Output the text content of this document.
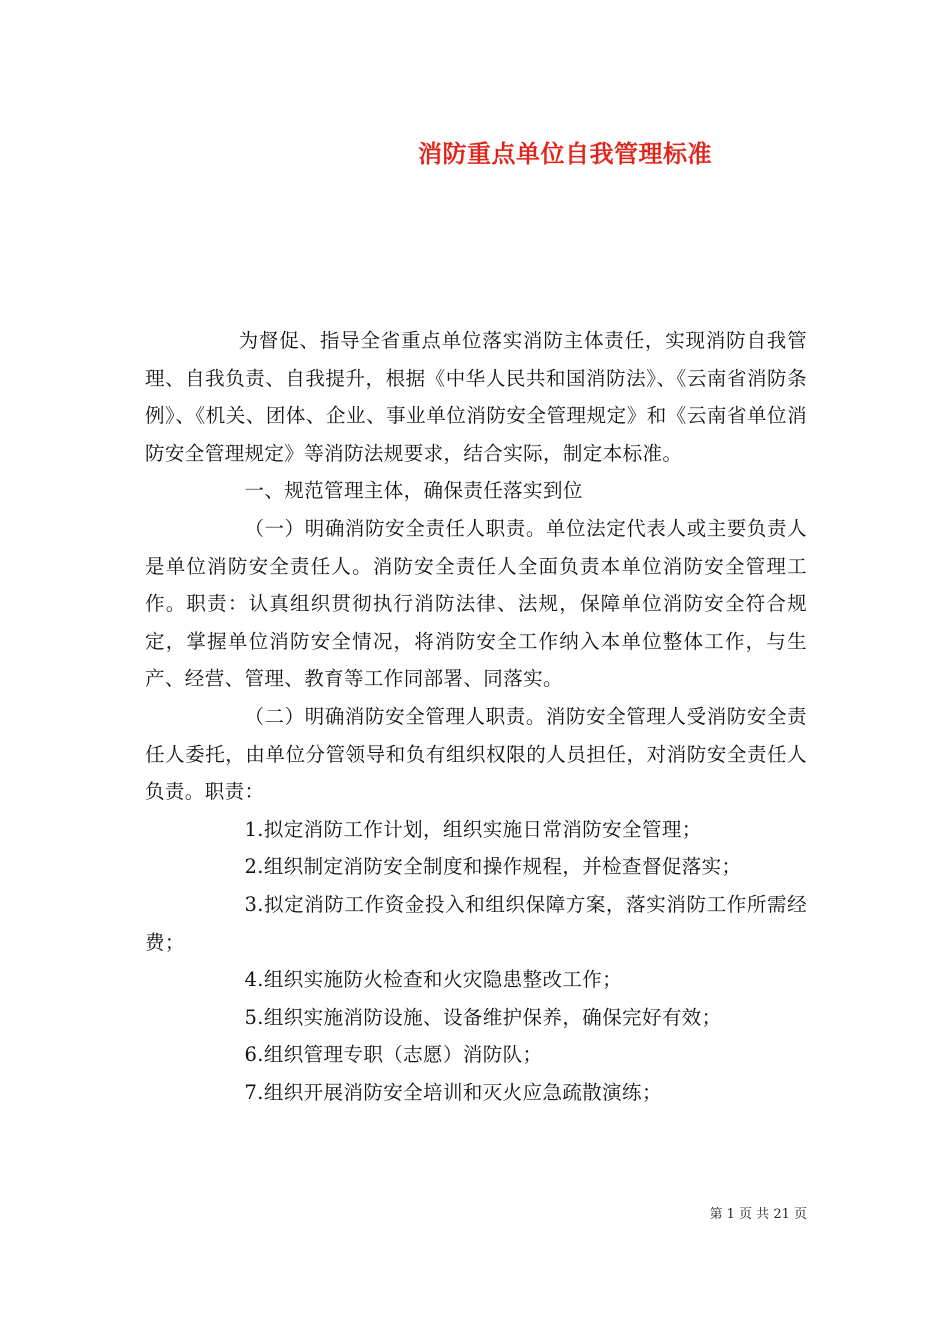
消防重点单位自我管理标准

为督促、指导全省重点单位落实消防主体责任，实现消防自我管理、自我负责、自我提升，根据《中华人民共和国消防法》、《云南省消防条例》、《机关、团体、企业、事业单位消防安全管理规定》和《云南省单位消防安全管理规定》等消防法规要求，结合实际，制定本标准。

一、规范管理主体，确保责任落实到位

（一）明确消防安全责任人职责。单位法定代表人或主要负责人是单位消防安全责任人。消防安全责任人全面负责本单位消防安全管理工作。职责：认真组织贯彻执行消防法律、法规，保障单位消防安全符合规定，掌握单位消防安全情况，将消防安全工作纳入本单位整体工作，与生产、经营、管理、教育等工作同部署、同落实。

（二）明确消防安全管理人职责。消防安全管理人受消防安全责任人委托，由单位分管领导和负有组织权限的人员担任，对消防安全责任人负责。职责：

1.拟定消防工作计划，组织实施日常消防安全管理；

2.组织制定消防安全制度和操作规程，并检查督促落实；

3.拟定消防工作资金投入和组织保障方案，落实消防工作所需经费；

4.组织实施防火检查和火灾隐患整改工作；

5.组织实施消防设施、设备维护保养，确保完好有效；

6.组织管理专职（志愿）消防队；

7.组织开展消防安全培训和灭火应急疏散演练；

第 1 页 共 21 页
